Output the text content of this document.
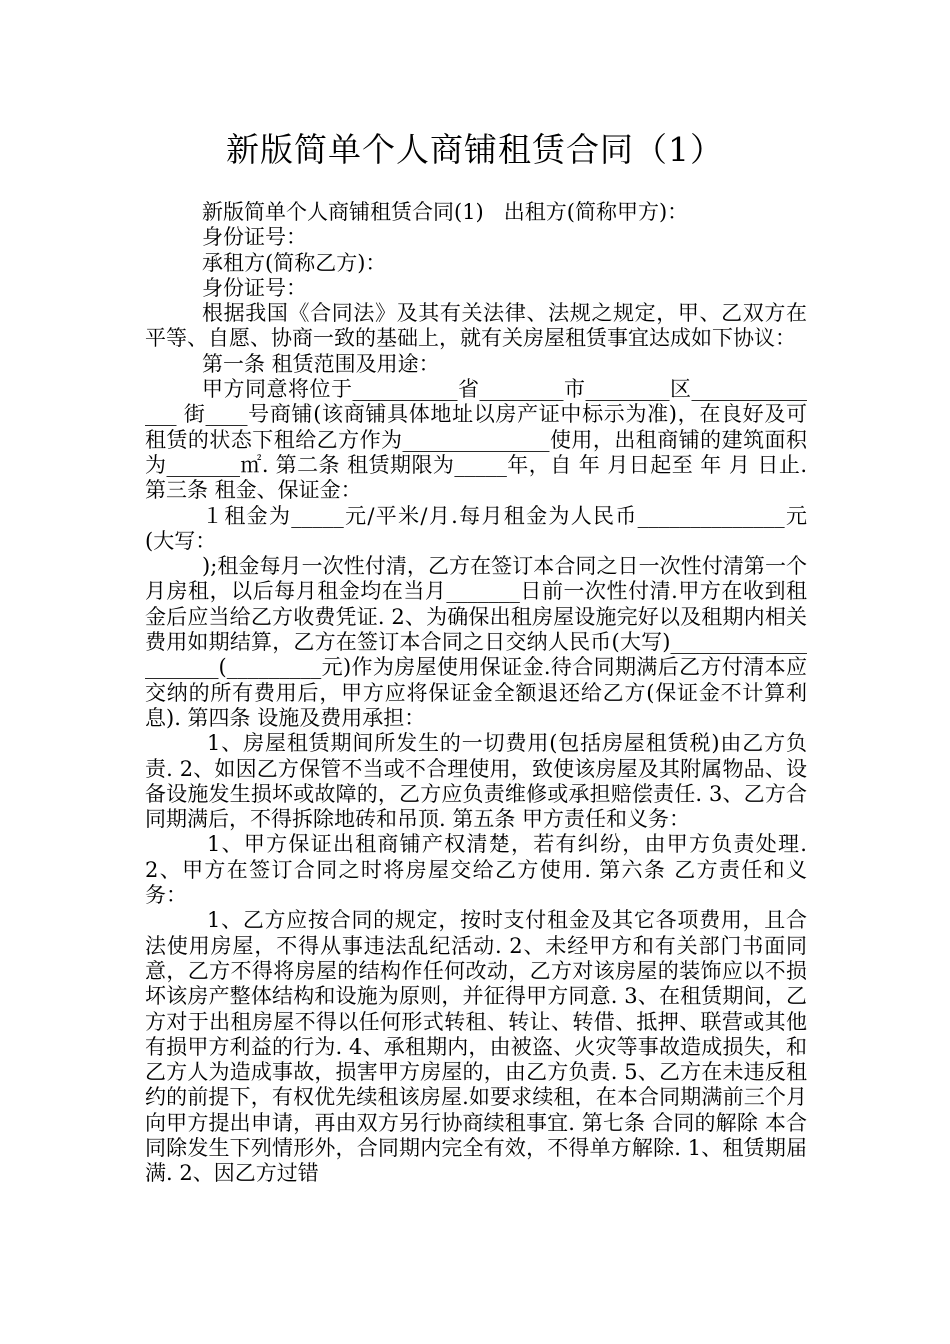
新版简单个人商铺租赁合同（1）

新版简单个人商铺租赁合同(1)   出租方(简称甲方)：

身份证号：

承租方(简称乙方)：

身份证号：

根据我国《合同法》及其有关法律、法规之规定，甲、乙双方在平等、自愿、协商一致的基础上，就有关房屋租赁事宜达成如下协议：

第一条 租赁范围及用途：

甲方同意将位于__________省________市________区______________ 街____号商铺(该商铺具体地址以房产证中标示为准)，在良好及可租赁的状态下租给乙方作为______________使用，出租商铺的建筑面积为_______㎡. 第二条 租赁期限为_____年，自 年 月日起至 年 月 日止. 第三条 租金、保证金：

１租金为_____元/平米/月.每月租金为人民币______________元(大写：

);租金每月一次性付清，乙方在签订本合同之日一次性付清第一个月房租，以后每月租金均在当月_______日前一次性付清.甲方在收到租金后应当给乙方收费凭证. 2、为确保出租房屋设施完好以及租期内相关费用如期结算，乙方在签订本合同之日交纳人民币(大写)____________________(_________元)作为房屋使用保证金.待合同期满后乙方付清本应交纳的所有费用后，甲方应将保证金全额退还给乙方(保证金不计算利息). 第四条 设施及费用承担：

1、房屋租赁期间所发生的一切费用(包括房屋租赁税)由乙方负责. 2、如因乙方保管不当或不合理使用，致使该房屋及其附属物品、设备设施发生损坏或故障的，乙方应负责维修或承担赔偿责任. 3、乙方合同期满后，不得拆除地砖和吊顶. 第五条 甲方责任和义务：

1、甲方保证出租商铺产权清楚，若有纠纷，由甲方负责处理. 2、甲方在签订合同之时将房屋交给乙方使用. 第六条 乙方责任和义务：

1、乙方应按合同的规定，按时支付租金及其它各项费用，且合法使用房屋，不得从事违法乱纪活动. 2、未经甲方和有关部门书面同意，乙方不得将房屋的结构作任何改动，乙方对该房屋的装饰应以不损坏该房产整体结构和设施为原则，并征得甲方同意. 3、在租赁期间，乙方对于出租房屋不得以任何形式转租、转让、转借、抵押、联营或其他有损甲方利益的行为. 4、承租期内，由被盗、火灾等事故造成损失，和乙方人为造成事故，损害甲方房屋的，由乙方负责. 5、乙方在未违反租约的前提下，有权优先续租该房屋.如要求续租，在本合同期满前三个月向甲方提出申请，再由双方另行协商续租事宜. 第七条 合同的解除 本合同除发生下列情形外，合同期内完全有效，不得单方解除. 1、租赁期届满. 2、因乙方过错
